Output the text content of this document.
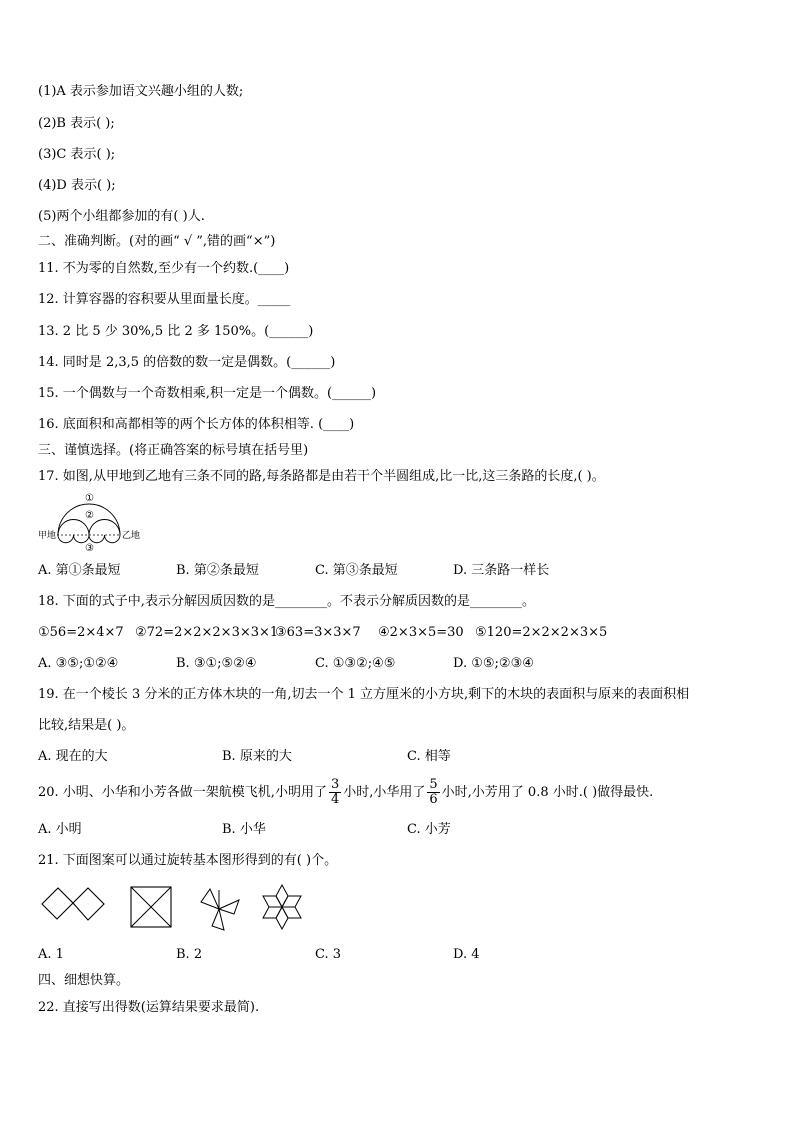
(1)A 表示参加语文兴趣小组的人数;
(2)B 表示( );
(3)C 表示( );
(4)D 表示( );
(5)两个小组都参加的有( )人.
二、准确判断。(对的画“ √ ”,错的画“×”)
11. 不为零的自然数,至少有一个约数.(____)
12. 计算容器的容积要从里面量长度。_____
13. 2 比 5 少 30%,5 比 2 多 150%。(______)
14. 同时是 2,3,5 的倍数的数一定是偶数。(______)
15. 一个偶数与一个奇数相乘,积一定是一个偶数。(______)
16. 底面积和高都相等的两个长方体的体积相等. (____)
三、谨慎选择。(将正确答案的标号填在括号里)
17. 如图,从甲地到乙地有三条不同的路,每条路都是由若干个半圆组成,比一比,这三条路的长度,( )。
甲地	乙地
①
②
③
A. 第①条最短	B. 第②条最短	C. 第③条最短	D. 三条路一样长
18. 下面的式子中,表示分解因质因数的是________。不表示分解质因数的是________。
①56=2×4×7 ②72=2×2×2×3×3×1
③63=3×3×7 ④2×3×5=30 ⑤120=2×2×2×3×5
A. ③⑤;①②④	B. ③①;⑤②④	C. ①③②;④⑤	D. ①⑤;②③④
19. 在一个棱长 3 分米的正方体木块的一角,切去一个 1 立方厘米的小方块,剩下的木块的表面积与原来的表面积相
比较,结果是( )。
A. 现在的大	B. 原来的大	C. 相等
20. 小明、小华和小芳各做一架航模飞机,小明用了 $\frac{3}{4}$ 小时,小华用了 $\frac{5}{6}$ 小时,小芳用了 0.8 小时.( )做得最快.
A. 小明	B. 小华	C. 小芳
21. 下面图案可以通过旋转基本图形得到的有( )个。
A. 1	B. 2	C. 3	D. 4
四、细想快算。
22. 直接写出得数(运算结果要求最简).
